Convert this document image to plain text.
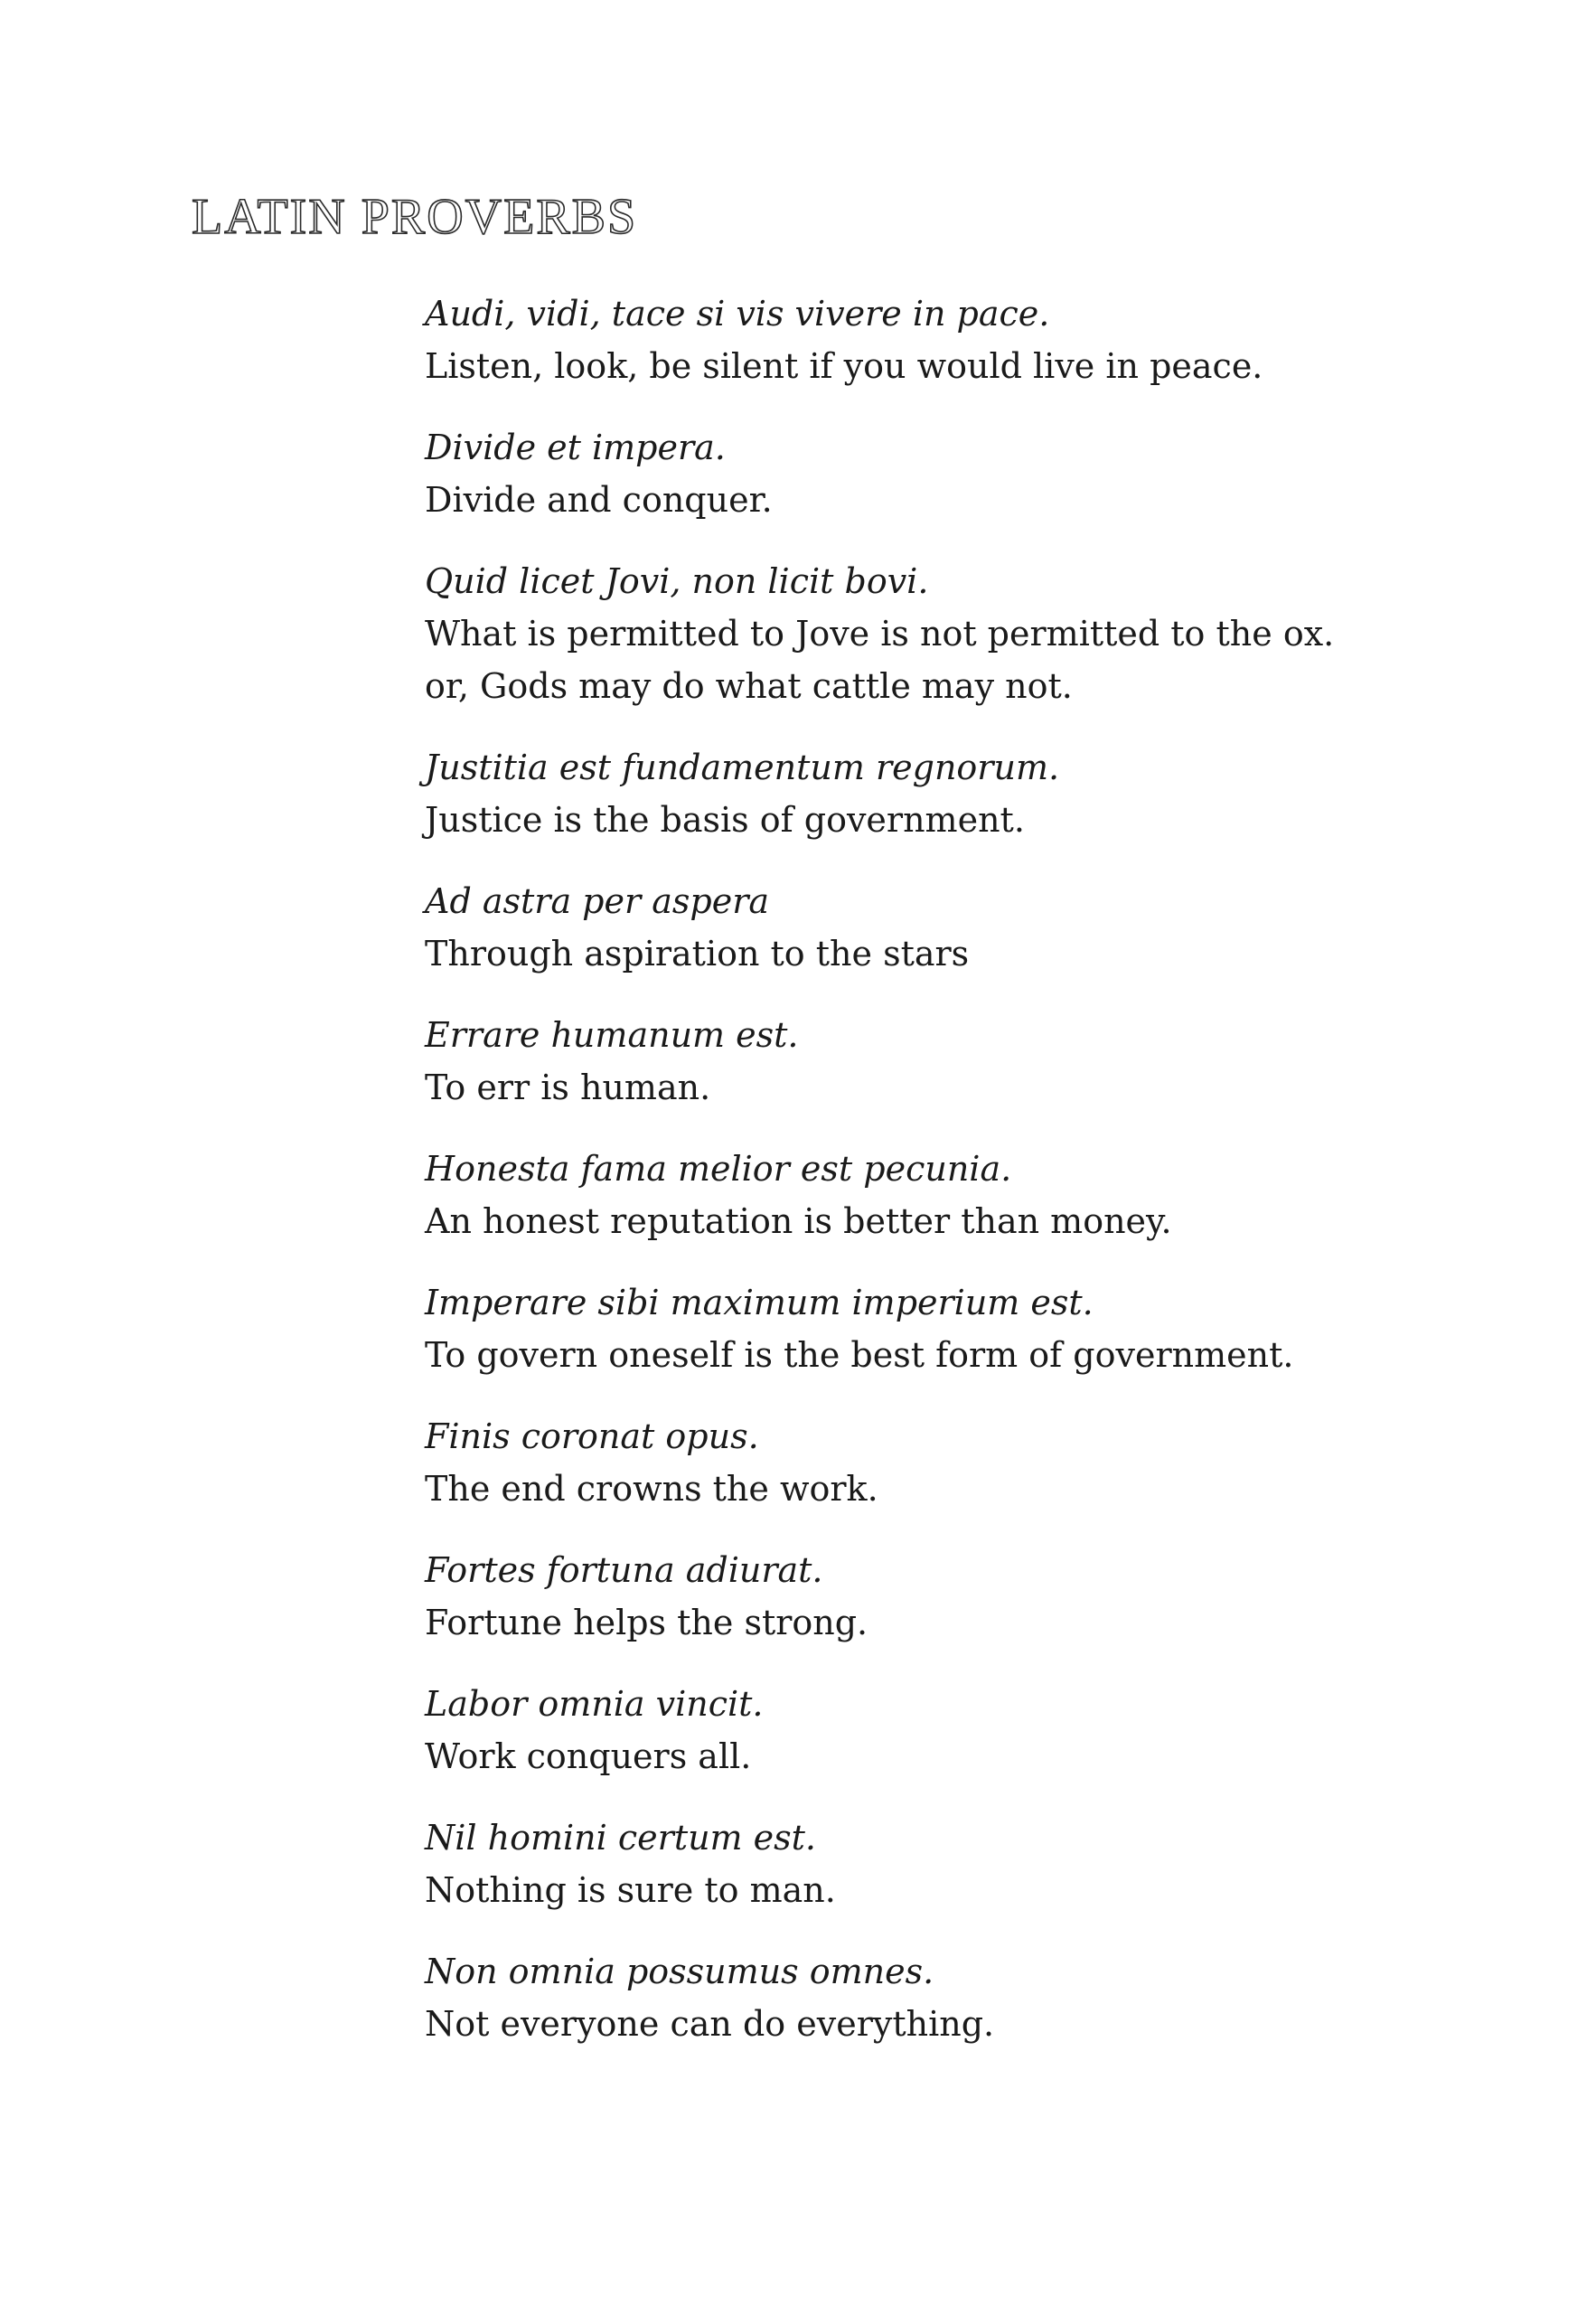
LATIN PROVERBS
Audi, vidi, tace si vis vivere in pace.
Listen, look, be silent if you would live in peace.
Divide et impera.
Divide and conquer.
Quid licet Jovi, non licit bovi.
What is permitted to Jove is not permitted to the ox.
or, Gods may do what cattle may not.
Justitia est fundamentum regnorum.
Justice is the basis of government.
Ad astra per aspera
Through aspiration to the stars
Errare humanum est.
To err is human.
Honesta fama melior est pecunia.
An honest reputation is better than money.
Imperare sibi maximum imperium est.
To govern oneself is the best form of government.
Finis coronat opus.
The end crowns the work.
Fortes fortuna adiurat.
Fortune helps the strong.
Labor omnia vincit.
Work conquers all.
Nil homini certum est.
Nothing is sure to man.
Non omnia possumus omnes.
Not everyone can do everything.
